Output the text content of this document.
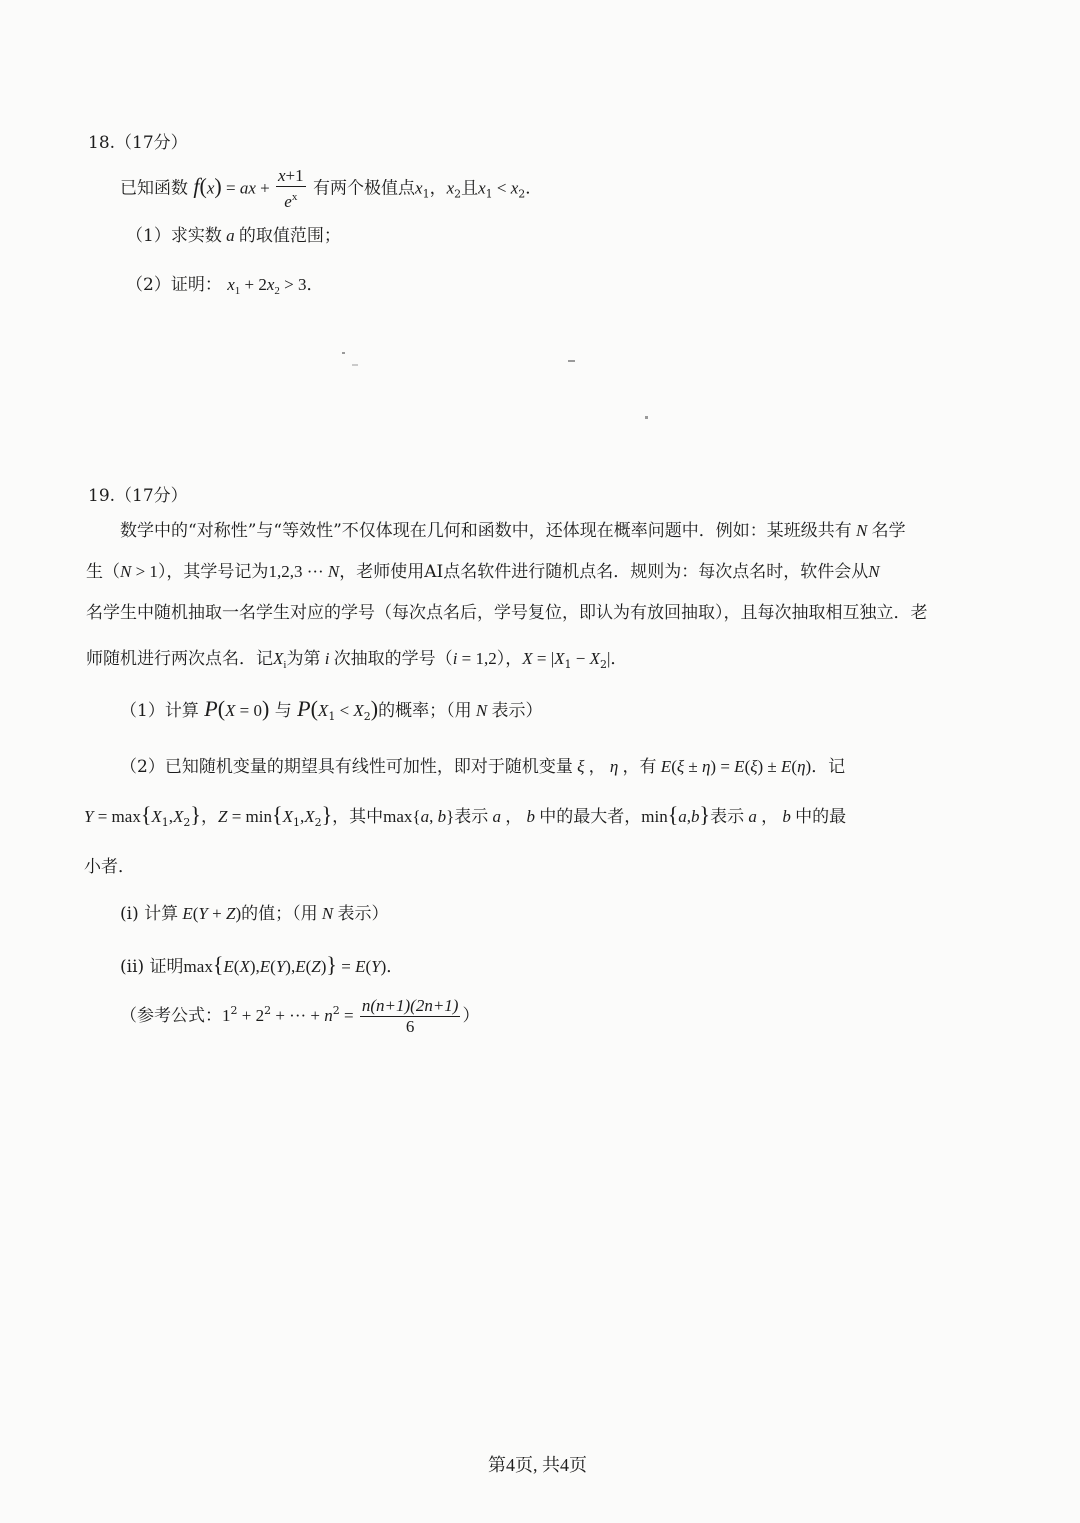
18.（17分）
已知函数 f(x) = ax + $\frac{x+1}{e^x}$ 有两个极值点$x_1$，$x_2$且$x_1 < x_2$．
（1）求实数 a 的取值范围；
（2）证明： $x_1 + 2x_2 > 3$．
19.（17分）
数学中的“对称性”与“等效性”不仅体现在几何和函数中，还体现在概率问题中．例如：某班级共有 N 名学
生（N > 1），其学号记为1,2,3 ··· N，老师使用AI点名软件进行随机点名．规则为：每次点名时，软件会从N
名学生中随机抽取一名学生对应的学号（每次点名后，学号复位，即认为有放回抽取），且每次抽取相互独立．老
师随机进行两次点名．记$X_i$为第 i 次抽取的学号（i = 1,2），$X = |X_1 - X_2|$．
（1）计算 P(X = 0) 与 $P(X_1 < X_2)$的概率；（用 N 表示）
（2）已知随机变量的期望具有线性可加性，即对于随机变量 ξ ， η ，有 E(ξ ± η) = E(ξ) ± E(η)．记
$Y = \max\{X_1,X_2\}$，$Z = \min\{X_1,X_2\}$，其中max{a, b}表示 a ， b 中的最大者，min{a,b}表示 a ， b 中的最
小者．
(i) 计算 E(Y + Z)的值；（用 N 表示）
(ii) 证明max{E(X),E(Y),E(Z)} = E(Y)．
（参考公式：$1^2 + 2^2$ + ··· + $n^2 = \frac{n(n+1)(2n+1)}{6}$ ）
第4页, 共4页
